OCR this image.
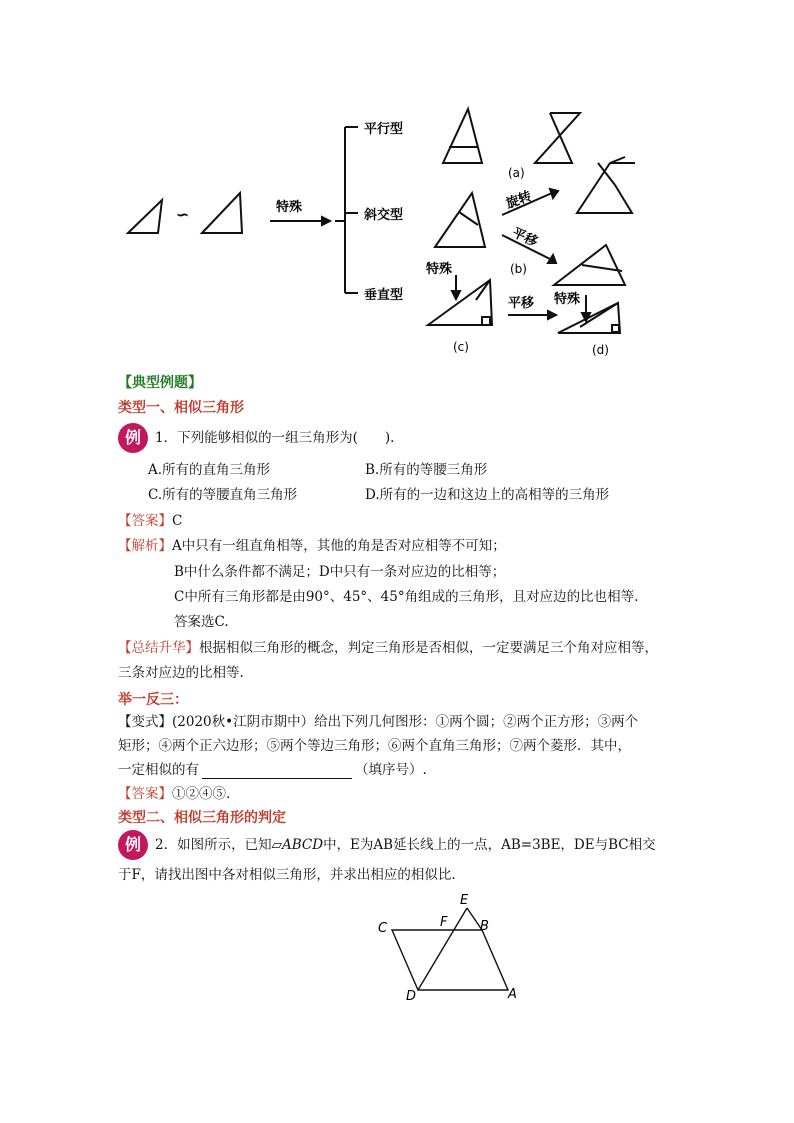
∽	特殊
平行型
斜交型
垂直型
(a)
旋转
平移
(b)
特殊
平移 特殊
(c)	(d)
【典型例题】
类型一、相似三角形
例	1．下列能够相似的一组三角形为(　　).
A.所有的直角三角形	B.所有的等腰三角形
C.所有的等腰直角三角形	D.所有的一边和这边上的高相等的三角形
【答案】C
【解析】A中只有一组直角相等，其他的角是否对应相等不可知；
B中什么条件都不满足；D中只有一条对应边的比相等；
C中所有三角形都是由90°、45°、45°角组成的三角形，且对应边的比也相等.
答案选C.
【总结升华】根据相似三角形的概念，判定三角形是否相似，一定要满足三个角对应相等，
三条对应边的比相等.
举一反三：
【变式】(2020秋•江阴市期中）给出下列几何图形：①两个圆；②两个正方形；③两个
矩形；④两个正六边形；⑤两个等边三角形；⑥两个直角三角形；⑦两个菱形．其中，
一定相似的有	（填序号）.
【答案】①②④⑤.
类型二、相似三角形的判定
例	2．如图所示，已知▱ABCD中，E为AB延长线上的一点，AB=3BE，DE与BC相交
于F，请找出图中各对相似三角形，并求出相应的相似比.
C	F
E
B
D	A
